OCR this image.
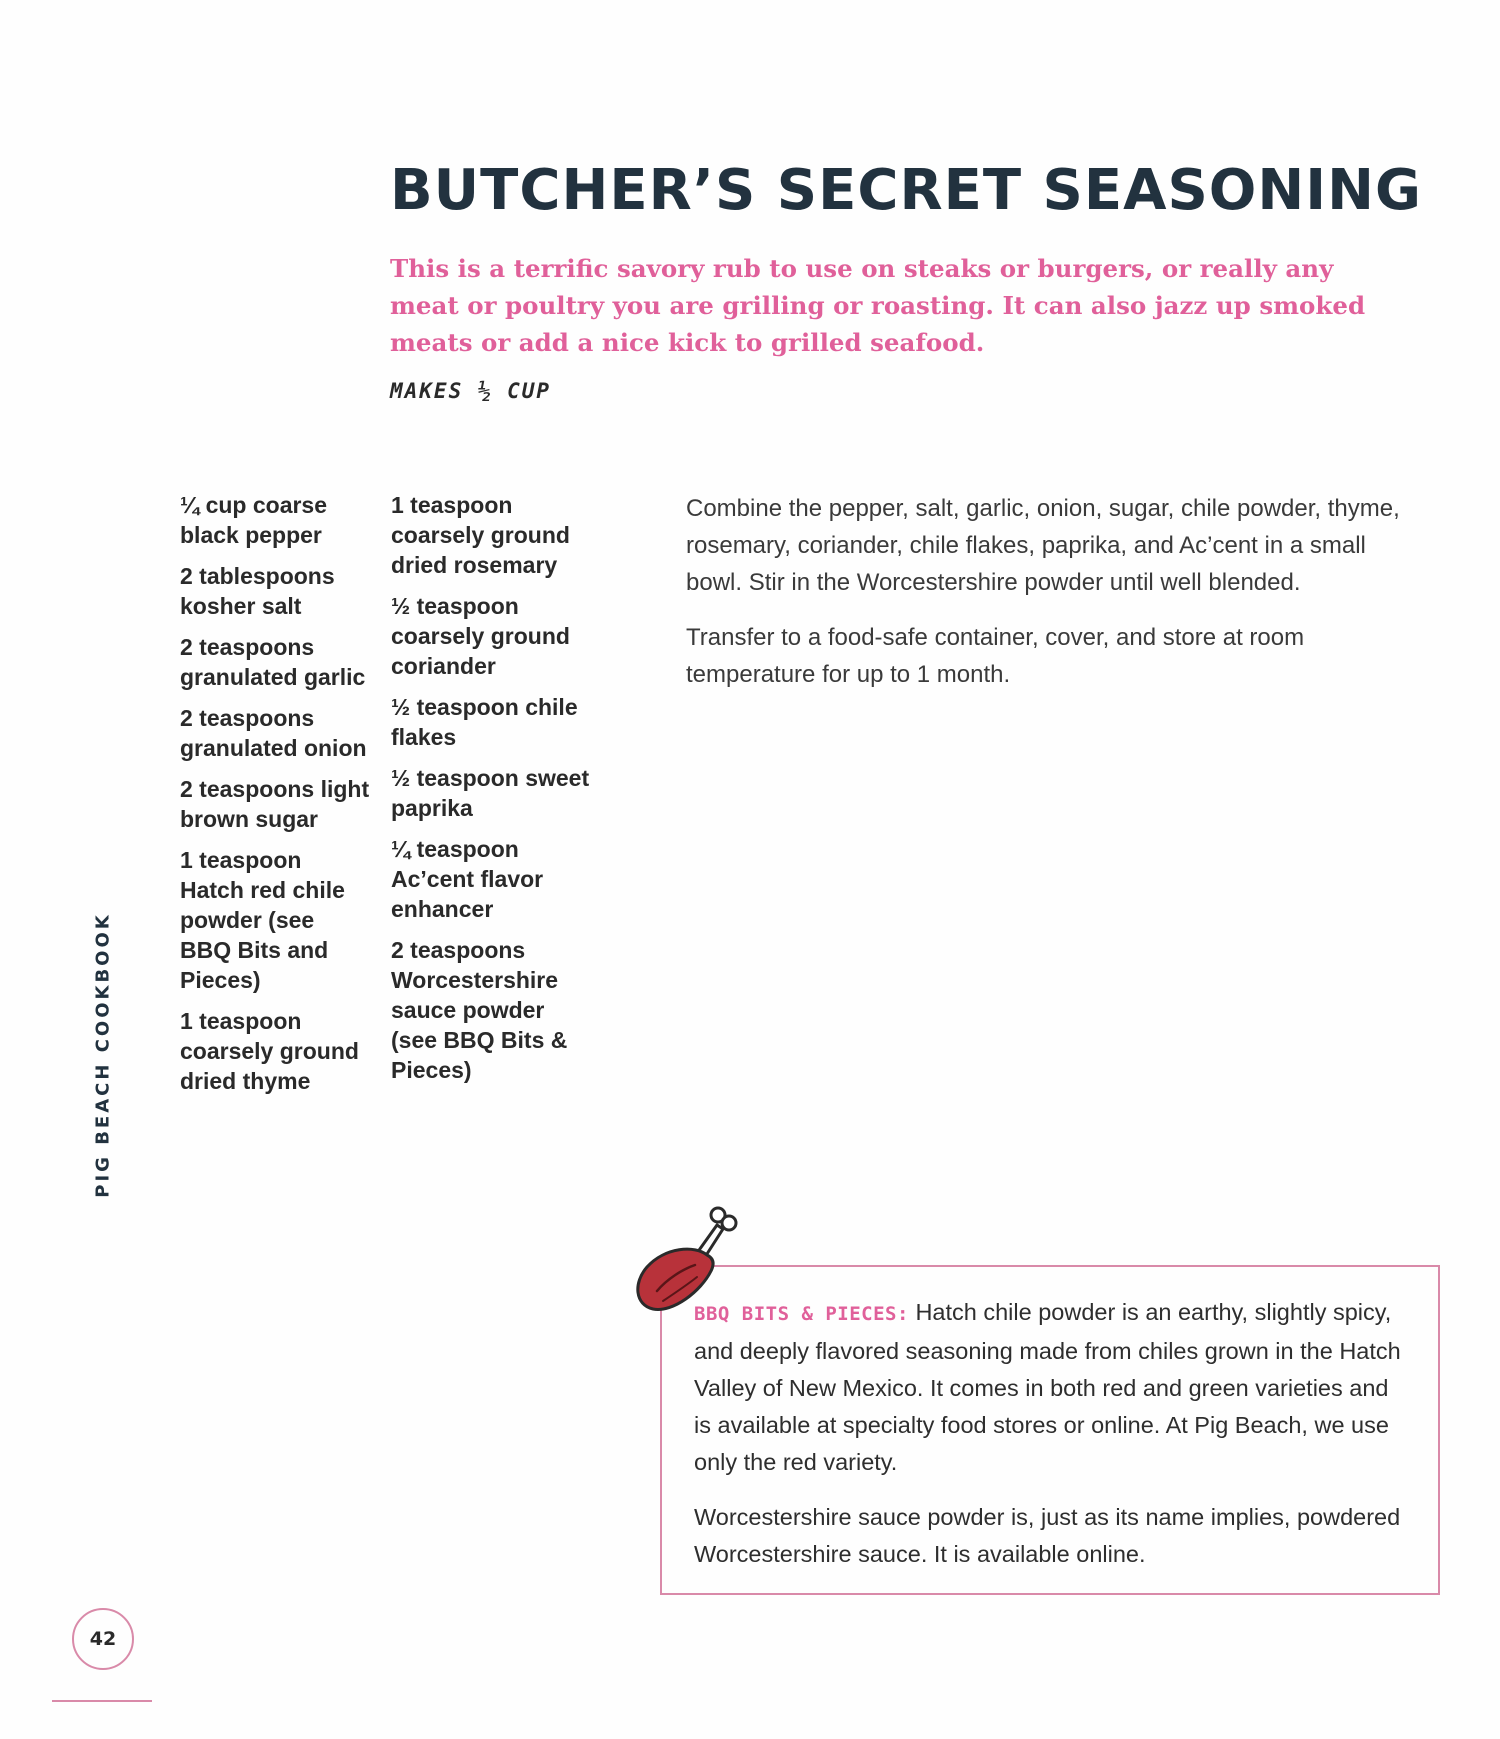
BUTCHER’S SECRET SEASONING

This is a terrific savory rub to use on steaks or burgers, or really any meat or poultry you are grilling or roasting. It can also jazz up smoked meats or add a nice kick to grilled seafood.

MAKES ½ CUP
¼ cup coarse black pepper
2 tablespoons kosher salt
2 teaspoons granulated garlic
2 teaspoons granulated onion
2 teaspoons light brown sugar
1 teaspoon Hatch red chile powder (see BBQ Bits and Pieces)
1 teaspoon coarsely ground dried thyme
1 teaspoon coarsely ground dried rosemary
½ teaspoon coarsely ground coriander
½ teaspoon chile flakes
½ teaspoon sweet paprika
¼ teaspoon Ac’cent flavor enhancer
2 teaspoons Worcestershire sauce powder (see BBQ Bits & Pieces)

Combine the pepper, salt, garlic, onion, sugar, chile powder, thyme, rosemary, coriander, chile flakes, paprika, and Ac’cent in a small bowl. Stir in the Worcestershire powder until well blended.

Transfer to a food-safe container, cover, and store at room temperature for up to 1 month.

PIG BEACH COOKBOOK

BBQ BITS & PIECES: Hatch chile powder is an earthy, slightly spicy, and deeply flavored seasoning made from chiles grown in the Hatch Valley of New Mexico. It comes in both red and green varieties and is available at specialty food stores or online. At Pig Beach, we use only the red variety.

Worcestershire sauce powder is, just as its name implies, powdered Worcestershire sauce. It is available online.

42
